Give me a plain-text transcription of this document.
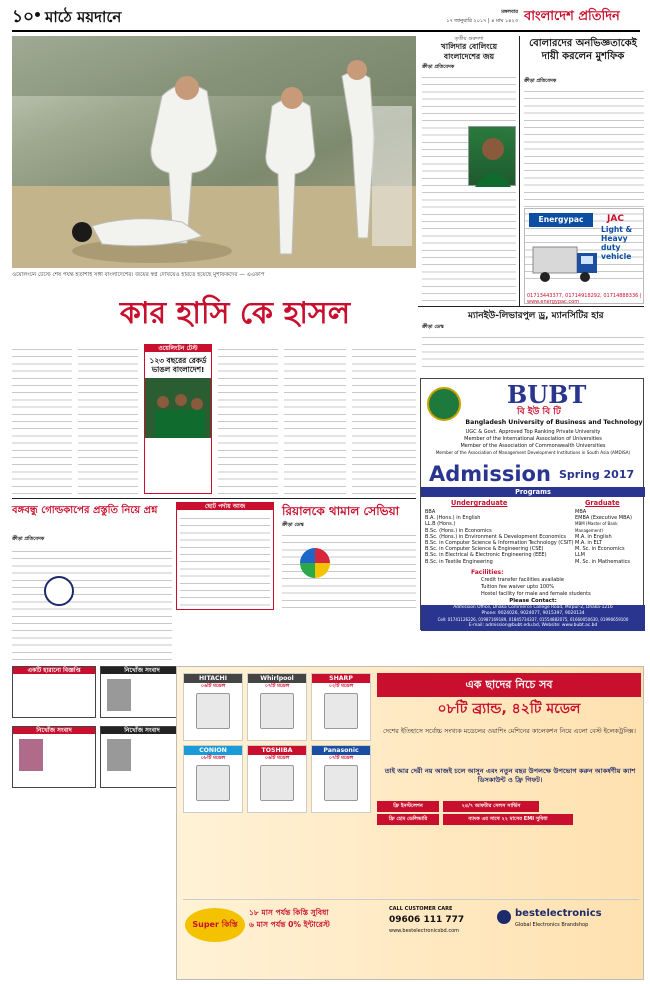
১০ মাঠে ময়দানে	মঙ্গলবার
১৭ জানুয়ারি ২০১৭ | ৪ মাঘ ১৪২৩ বাংলাদেশ প্রতিদিন
ওয়েলিংটন টেস্টে শেষ পর্যন্ত হতাশাই সঙ্গী বাংলাদেশের। জয়ের স্বপ্ন দেখিয়েও হারতে হয়েছে মুশফিকদের — এএফপি
তৃতীয় গুরুদশা
খালিদার বোলিংয়ে বাংলাদেশের জয়
ক্রীড়া প্রতিবেদক
বোলারদের অনভিজ্ঞতাকেই দায়ী করলেন মুশফিক
ক্রীড়া প্রতিবেদক
Energypac	JAC
Light & Heavy duty vehicle
01713443377, 01714918292, 01714888336 | www.energypac.com
ম্যানইউ-লিভারপুল ড্র, ম্যানসিটির হার
ক্রীড়া ডেস্ক
BUBT
বি ইউ বি টি
Bangladesh University of Business and Technology
UGC & Govt. Approved Top Ranking Private University
Member of the International Association of Universities
Member of the Association of Commonwealth Universities
Member of the Association of Management Development Institutions in South Asia (AMDISA)
Admission Spring 2017
Programs
Undergraduate	Graduate
BBA
B.A. (Hons.) in English
LL.B (Hons.)
B.Sc. (Hons.) in Economics
B.Sc. (Hons.) in Environment & Development Economics
B.Sc. in Computer Science & Information Technology (CSIT)
B.Sc. in Computer Science & Engineering (CSE)
B.Sc. in Electrical & Electronic Engineering (EEE)
B.Sc. in Textile Engineering
MBA
EMBA (Executive MBA)
MBM (Master of Bank Management)
M.A. in English
M.A. in ELT
M. Sc. in Economics
LLM
M. Sc. in Mathematics
Facilities:
Credit transfer facilities available
Tuition fee waiver upto 100%
Hostel facility for male and female students
Please Contact:
Admission Office, Dhaka Commerce College Road, Mirpur-2, Dhaka-1216
Phone: 9024026, 9024077, 9015397, 9020134
Cell: 01741126226, 01987169189, 01845734337, 01554882075, 01660050630, 01990659100
E-mail: admission@bubt.edu.bd, Website: www.bubt.ac.bd
কার হাসি কে হাসল
ওয়েলিংটন টেস্ট
১২৩ বছরের রেকর্ড ভাঙল বাংলাদেশ!
বঙ্গবন্ধু গোল্ডকাপের প্রস্তুতি নিয়ে প্রশ্ন
ক্রীড়া প্রতিবেদক
ছোট পর্দায় আজ	রিয়ালকে থামাল সেভিয়া
ক্রীড়া ডেস্ক
একটি হারানো বিজ্ঞপ্তি	নিখোঁজ সংবাদ
নিখোঁজ সংবাদ	নিখোঁজ সংবাদ
HITACHI
০৬টি মডেল
Whirlpool
০৭টি মডেল
SHARP
০২টি মডেল
CONION
০৮টি মডেল
TOSHIBA
০৬টি মডেল
Panasonic
০৭টি মডেল
এক ছাদের নিচে সব
০৮টি ব্র্যান্ড, ৪২টি মডেল
দেশের ইতিহাসে সর্বোচ্চ সংখ্যক মডেলের ওয়াশিং মেশিনের কালেকশন নিয়ে এলো বেস্ট ইলেকট্রনিক্স।
তাই আর দেরী নয় আজই চলে আসুন এবং নতুন বছর উপলক্ষে উপভোগ করুন আকর্ষণীয় ক্যাশ ডিসকাউন্ট ও ফ্রি গিফট।
ফ্রি ইনস্টলেশন	২৪/৭ আফটার সেলস সার্ভিস
ফ্রি হোম ডেলিভারি	ব্যাংক এর সাথে ২২ মাসের EMI সুবিধা
Super কিস্তি
১৮ মাস পর্যন্ত কিস্তি সুবিধা
৬ মাস পর্যন্ত 0% ইন্টারেস্ট
CALL CUSTOMER CARE
09606 111 777
www.bestelectronicsbd.com
bestelectronics
Global Electronics Brandshop
